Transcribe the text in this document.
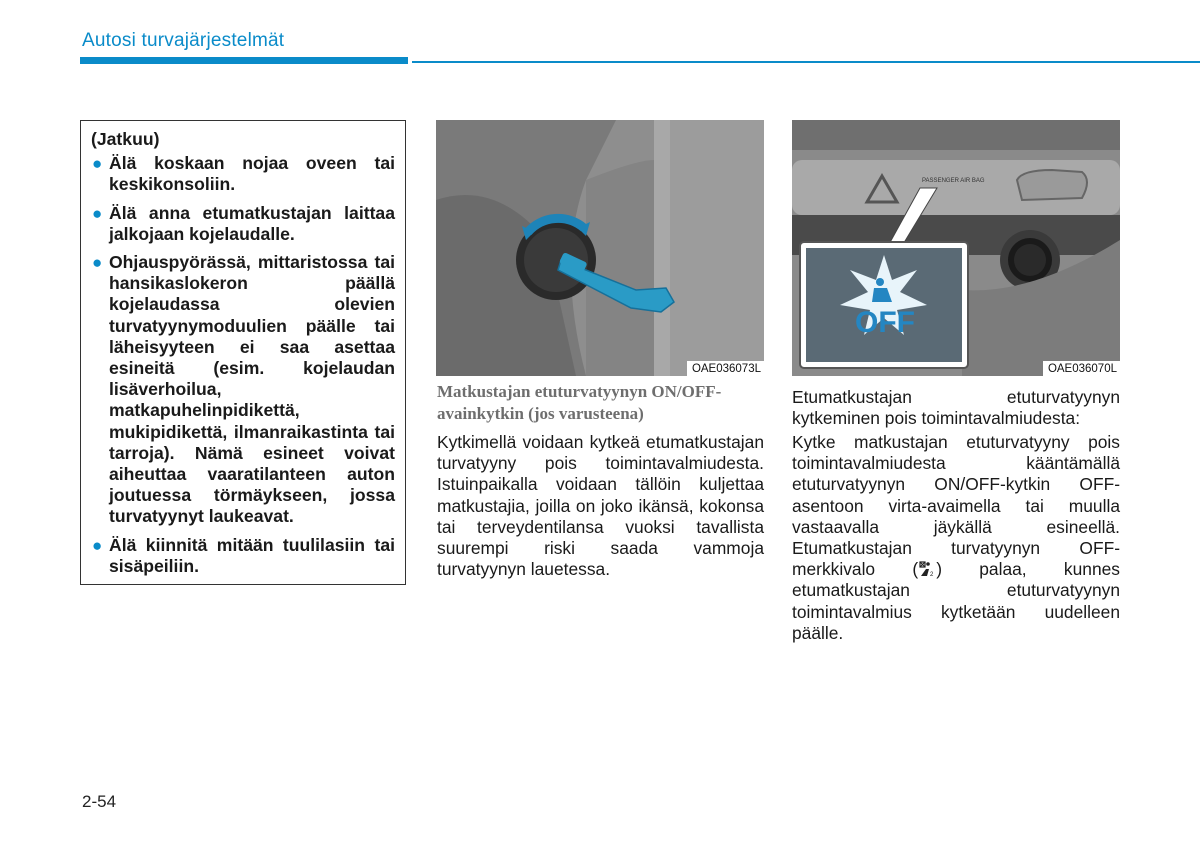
Autosi turvajärjestelmät
(Jatkuu)
● Älä koskaan nojaa oveen tai keskikonsoliin.
● Älä anna etumatkustajan laittaa jalkojaan kojelaudalle.
● Ohjauspyörässä, mittaristossa tai hansikaslokeron päällä kojelaudassa olevien turvatyynymoduulien päälle tai läheisyyteen ei saa asettaa esineitä (esim. kojelaudan lisäverhoilua, matkapuhelinpidikettä, mukipidikettä, ilmanraikastinta tai tarroja). Nämä esineet voivat aiheuttaa vaaratilanteen auton joutuessa törmäykseen, jossa turvatyynyt laukeavat.
● Älä kiinnitä mitään tuulilasiin tai sisäpeiliin.
OAE036073L
PASSENGER AIR BAG
OFF
OAE036070L
Matkustajan etuturvatyynyn ON/OFF-avainkytkin (jos varusteena)
Kytkimellä voidaan kytkeä etumatkustajan turvatyyny pois toimintavalmiudesta. Istuinpaikalla voidaan tällöin kuljettaa matkustajia, joilla on joko ikänsä, kokonsa tai terveydentilansa vuoksi tavallista suurempi riski saada vammoja turvatyynyn lauetessa.
Etumatkustajan etuturvatyynyn kytkeminen pois toimintavalmiudesta:
Kytke matkustajan etuturvatyyny pois toimintavalmiudesta kääntämällä etuturvatyynyn ON/OFF-kytkin OFF-asentoon virta-avaimella tai muulla vastaavalla jäykällä esineellä. Etumatkustajan turvatyynyn OFF-merkkivalo ( 2 ) palaa, kunnes etumatkustajan etuturvatyynyn toimintavalmius kytketään uudelleen päälle.
2-54
